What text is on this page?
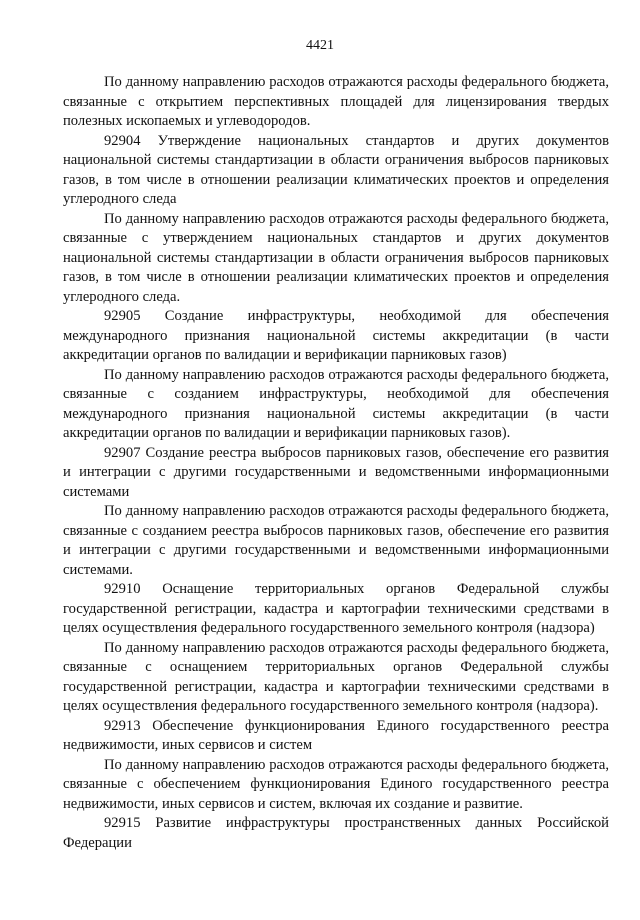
4421

По данному направлению расходов отражаются расходы федерального бюджета, связанные с открытием перспективных площадей для лицензирования твердых полезных ископаемых и углеводородов.

92904 Утверждение национальных стандартов и других документов национальной системы стандартизации в области ограничения выбросов парниковых газов, в том числе в отношении реализации климатических проектов и определения углеродного следа

По данному направлению расходов отражаются расходы федерального бюджета, связанные с утверждением национальных стандартов и других документов национальной системы стандартизации в области ограничения выбросов парниковых газов, в том числе в отношении реализации климатических проектов и определения углеродного следа.

92905 Создание инфраструктуры, необходимой для обеспечения международного признания национальной системы аккредитации (в части аккредитации органов по валидации и верификации парниковых газов)

По данному направлению расходов отражаются расходы федерального бюджета, связанные с созданием инфраструктуры, необходимой для обеспечения международного признания национальной системы аккредитации (в части аккредитации органов по валидации и верификации парниковых газов).

92907 Создание реестра выбросов парниковых газов, обеспечение его развития и интеграции с другими государственными и ведомственными информационными системами

По данному направлению расходов отражаются расходы федерального бюджета, связанные с созданием реестра выбросов парниковых газов, обеспечение его развития и интеграции с другими государственными и ведомственными информационными системами.

92910 Оснащение территориальных органов Федеральной службы государственной регистрации, кадастра и картографии техническими средствами в целях осуществления федерального государственного земельного контроля (надзора)

По данному направлению расходов отражаются расходы федерального бюджета, связанные с оснащением территориальных органов Федеральной службы государственной регистрации, кадастра и картографии техническими средствами в целях осуществления федерального государственного земельного контроля (надзора).

92913 Обеспечение функционирования Единого государственного реестра недвижимости, иных сервисов и систем

По данному направлению расходов отражаются расходы федерального бюджета, связанные с обеспечением функционирования Единого государственного реестра недвижимости, иных сервисов и систем, включая их создание и развитие.

92915 Развитие инфраструктуры пространственных данных Российской Федерации
